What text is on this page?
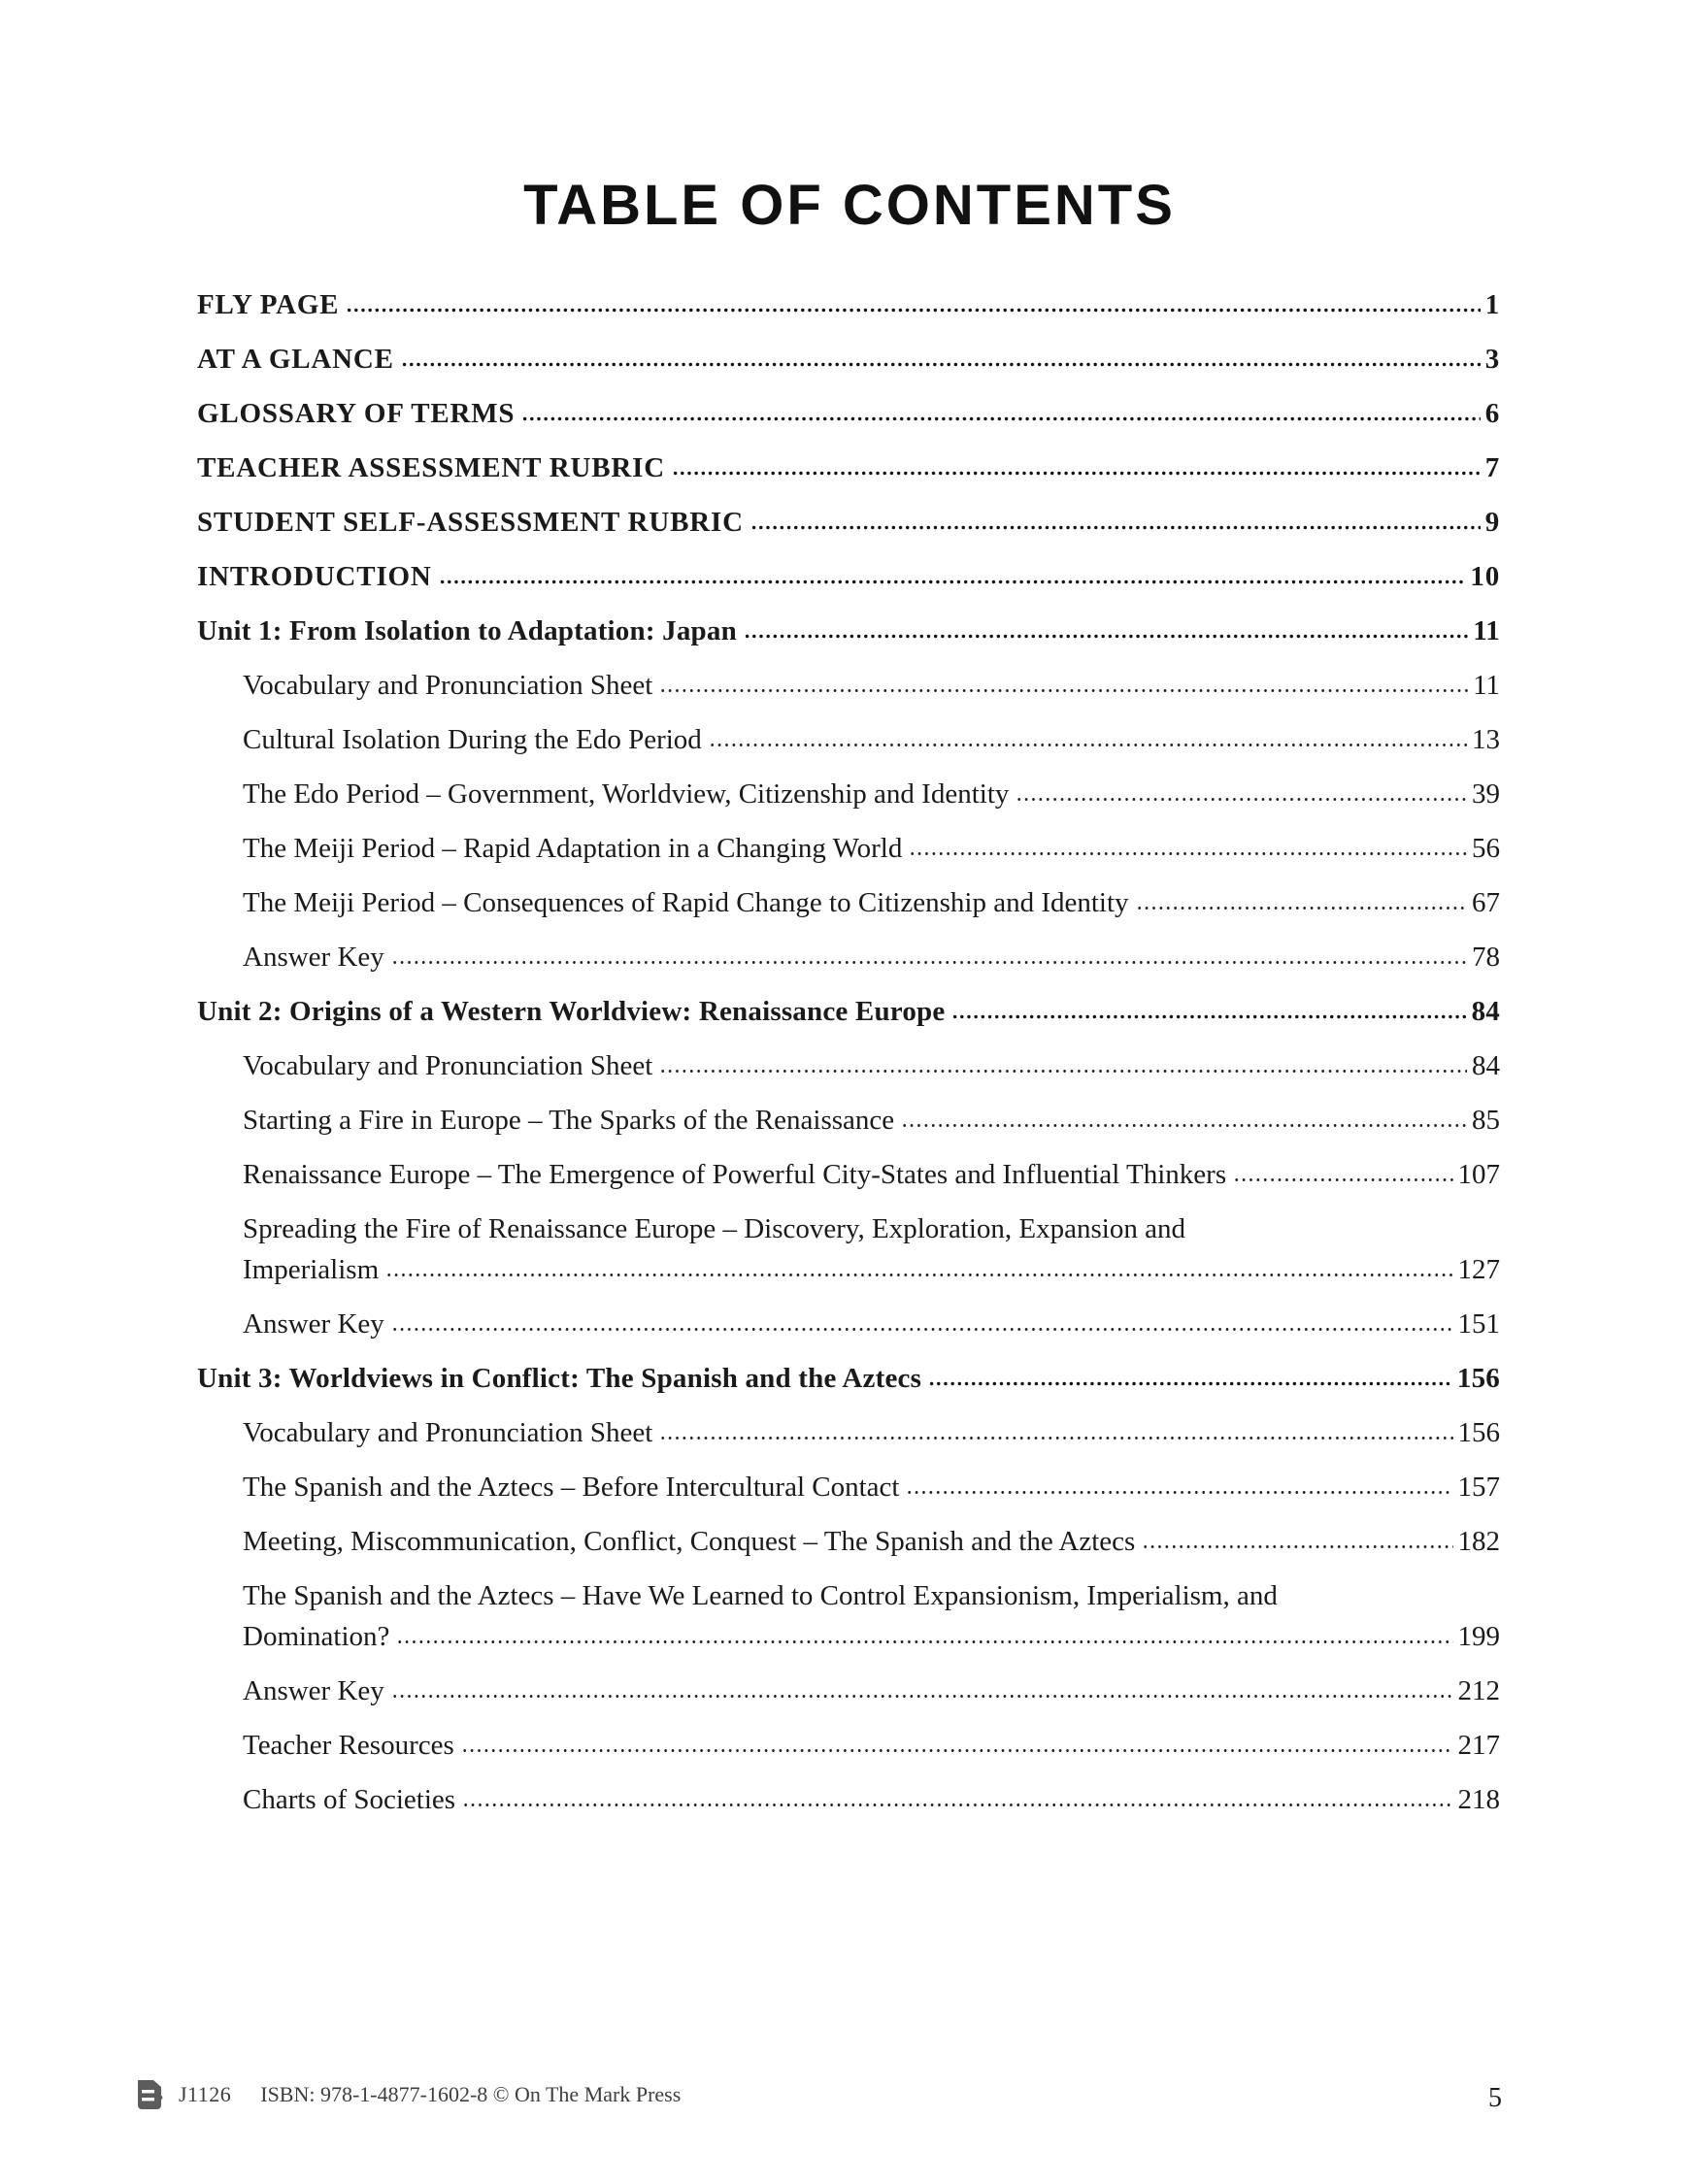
TABLE OF CONTENTS
FLY PAGE	1
AT A GLANCE	3
GLOSSARY OF TERMS	6
TEACHER ASSESSMENT RUBRIC	7
STUDENT SELF-ASSESSMENT RUBRIC	9
INTRODUCTION	10
Unit 1: From Isolation to Adaptation: Japan	11
Vocabulary and Pronunciation Sheet	11
Cultural Isolation During the Edo Period	13
The Edo Period – Government, Worldview, Citizenship and Identity	39
The Meiji Period – Rapid Adaptation in a Changing World	56
The Meiji Period – Consequences of Rapid Change to Citizenship and Identity	67
Answer Key	78
Unit 2: Origins of a Western Worldview: Renaissance Europe	84
Vocabulary and Pronunciation Sheet	84
Starting a Fire in Europe – The Sparks of the Renaissance	85
Renaissance Europe – The Emergence of Powerful City-States and Influential Thinkers	107
Spreading the Fire of Renaissance Europe – Discovery, Exploration, Expansion and
Imperialism	127
Answer Key	151
Unit 3: Worldviews in Conflict: The Spanish and the Aztecs	156
Vocabulary and Pronunciation Sheet	156
The Spanish and the Aztecs – Before Intercultural Contact	157
Meeting, Miscommunication, Conflict, Conquest – The Spanish and the Aztecs	182
The Spanish and the Aztecs – Have We Learned to Control Expansionism, Imperialism, and
Domination?	199
Answer Key	212
Teacher Resources	217
Charts of Societies	218
J1126 ISBN: 978-1-4877-1602-8 © On The Mark Press	5
